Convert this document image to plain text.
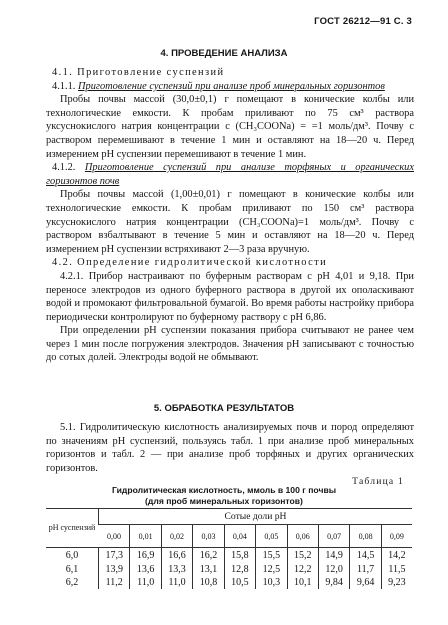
ГОСТ 26212—91 С. 3
4. ПРОВЕДЕНИЕ АНАЛИЗА

4.1. Приготовление суспензий

4.1.1. Приготовление суспензий при анализе проб минеральных горизонтов

Пробы почвы массой (30,0±0,1) г помещают в конические колбы или технологические емкости. К пробам приливают по 75 см³ раствора уксуснокислого натрия концентрации c (CH₃COONa) = =1 моль/дм³. Почву с раствором перемешивают в течение 1 мин и оставляют на 18—20 ч. Перед измерением pH суспензии перемешивают в течение 1 мин.

4.1.2. Приготовление суспензий при анализе торфяных и органических горизонтов почв

Пробы почвы массой (1,00±0,01) г помещают в конические колбы или технологические емкости. К пробам приливают по 150 см³ раствора уксуснокислого натрия концентрации (CH₃COONa)=1 моль/дм³. Почву с раствором взбалтывают в течение 5 мин и оставляют на 18—20 ч. Перед измерением pH суспензии встряхивают 2—3 раза вручную.

4.2. Определение гидролитической кислотности

4.2.1. Прибор настраивают по буферным растворам с pH 4,01 и 9,18. При переносе электродов из одного буферного раствора в другой их ополаскивают водой и промокают фильтровальной бумагой. Во время работы настройку прибора периодически контролируют по буферному раствору с pH 6,86.

При определении pH суспензии показания прибора считывают не ранее чем через 1 мин после погружения электродов. Значения pH записывают с точностью до сотых долей. Электроды водой не обмывают.

5. ОБРАБОТКА РЕЗУЛЬТАТОВ

5.1. Гидролитическую кислотность анализируемых почв и пород определяют по значениям pH суспензий, пользуясь табл. 1 при анализе проб минеральных горизонтов и табл. 2 — при анализе проб торфяных и других органических горизонтов.

Таблица 1
Гидролитическая кислотность, ммоль в 100 г почвы
(для проб минеральных горизонтов)
pH суспензий	Сотые доли pH									
	0,00	0,01	0,02	0,03	0,04	0,05	0,06	0,07	0,08	0,09
6,0	17,3	16,9	16,6	16,2	15,8	15,5	15,2	14,9	14,5	14,2
6,1	13,9	13,6	13,3	13,1	12,8	12,5	12,2	12,0	11,7	11,5
6,2	11,2	11,0	11,0	10,8	10,5	10,3	10,1	9,84	9,64	9,23
